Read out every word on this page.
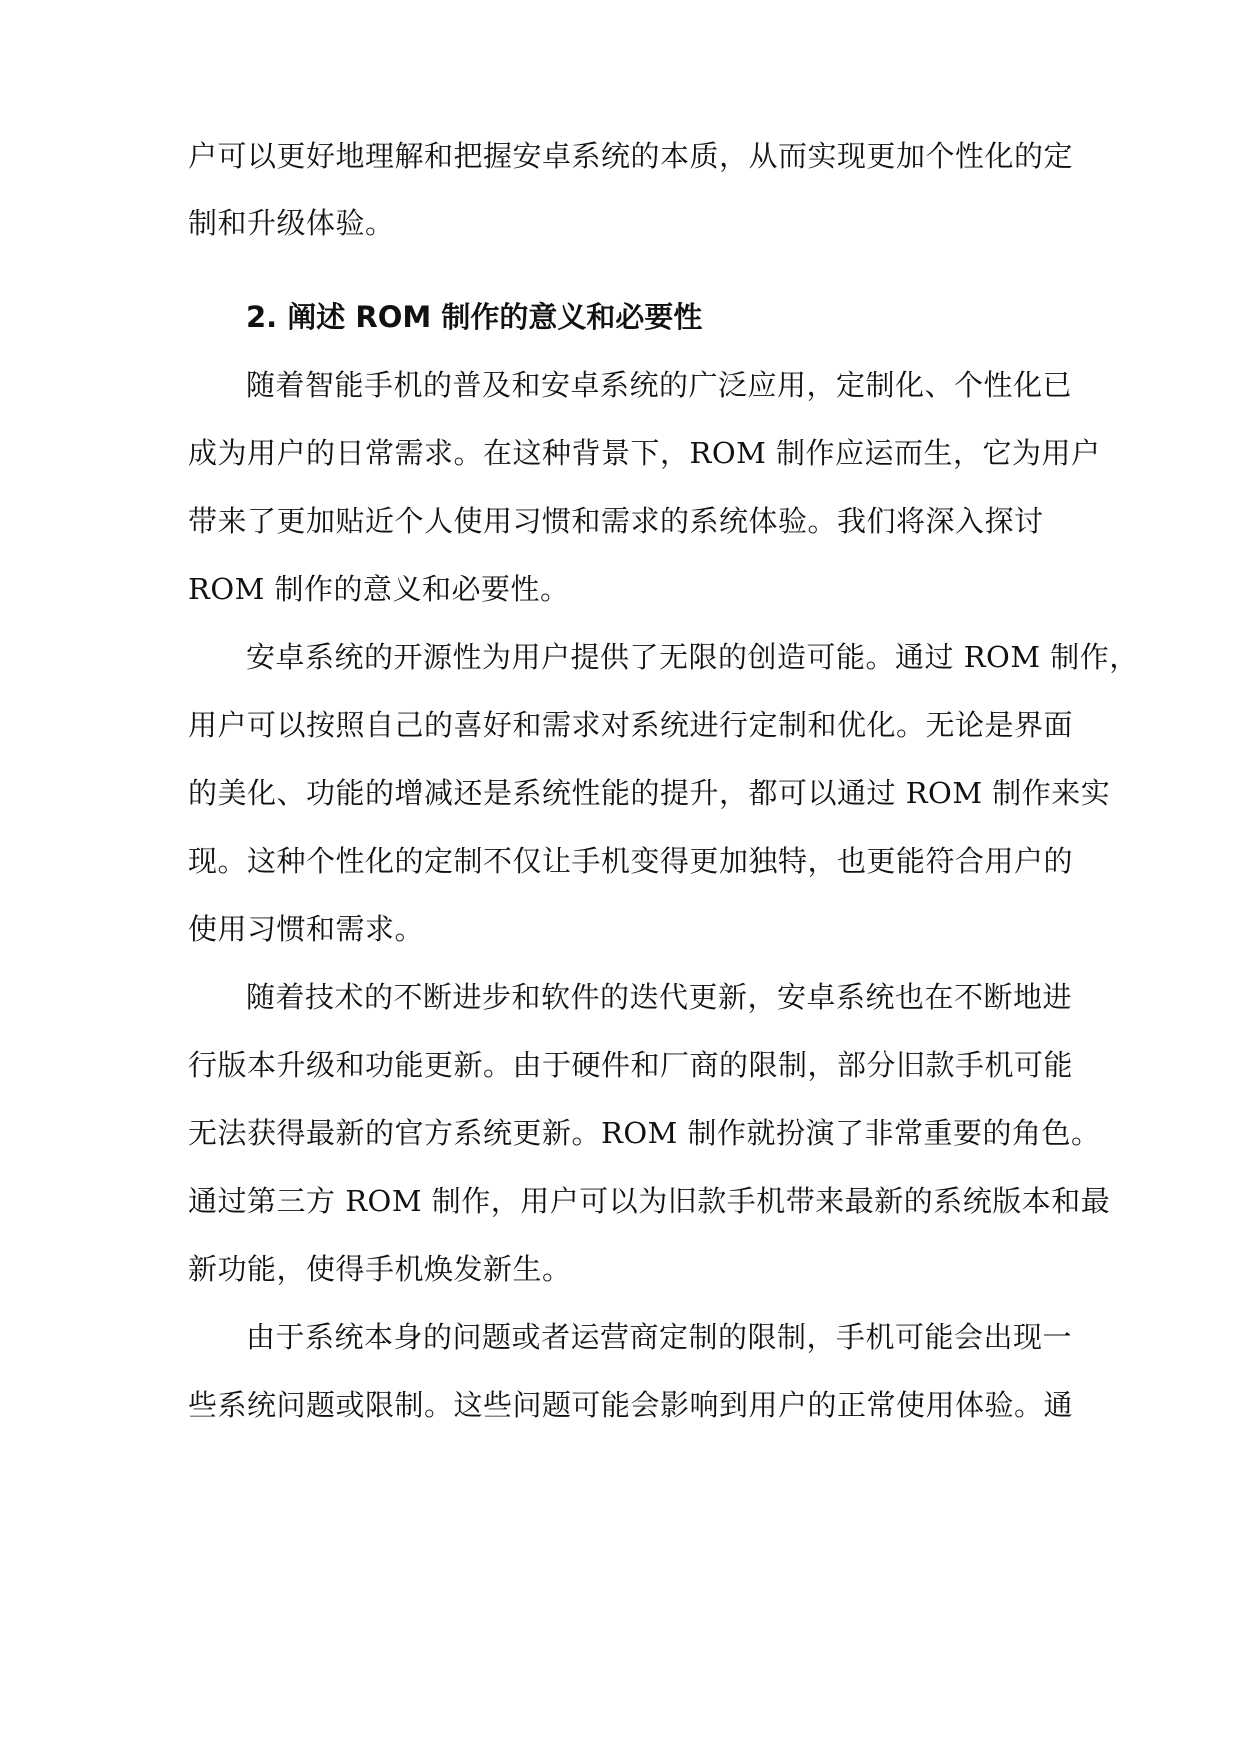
户可以更好地理解和把握安卓系统的本质，从而实现更加个性化的定
制和升级体验。
2. 阐述 ROM 制作的意义和必要性
随着智能手机的普及和安卓系统的广泛应用，定制化、个性化已
成为用户的日常需求。在这种背景下，ROM 制作应运而生，它为用户
带来了更加贴近个人使用习惯和需求的系统体验。我们将深入探讨
ROM 制作的意义和必要性。
安卓系统的开源性为用户提供了无限的创造可能。通过 ROM 制作，
用户可以按照自己的喜好和需求对系统进行定制和优化。无论是界面
的美化、功能的增减还是系统性能的提升，都可以通过 ROM 制作来实
现。这种个性化的定制不仅让手机变得更加独特，也更能符合用户的
使用习惯和需求。
随着技术的不断进步和软件的迭代更新，安卓系统也在不断地进
行版本升级和功能更新。由于硬件和厂商的限制，部分旧款手机可能
无法获得最新的官方系统更新。ROM 制作就扮演了非常重要的角色。
通过第三方 ROM 制作，用户可以为旧款手机带来最新的系统版本和最
新功能，使得手机焕发新生。
由于系统本身的问题或者运营商定制的限制，手机可能会出现一
些系统问题或限制。这些问题可能会影响到用户的正常使用体验。通
